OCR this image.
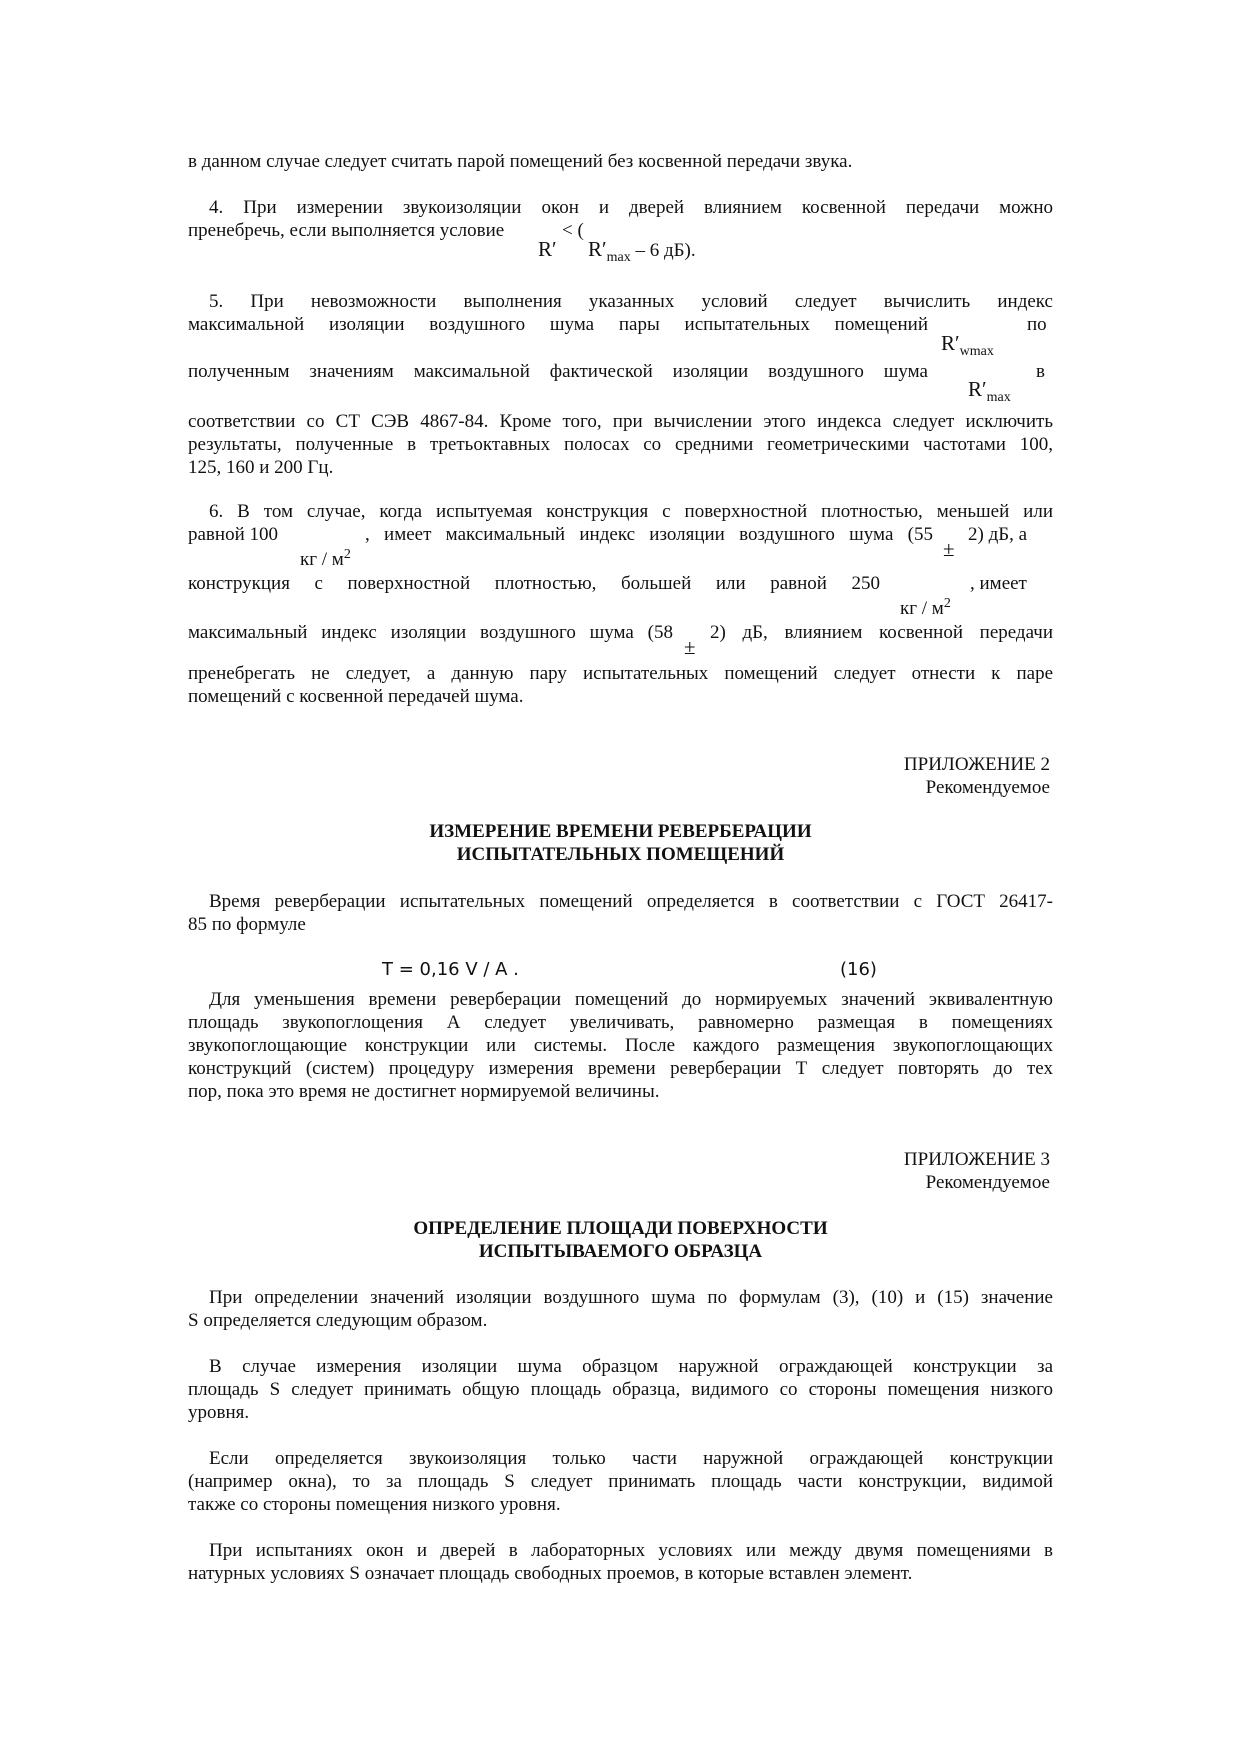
в данном случае следует считать парой помещений без косвенной передачи звука.
4. При измерении звукоизоляции окон и дверей влиянием косвенной передачи можно
пренебречь, если выполняется условие	< (
R′ $R'_{max} - 6$ дБ).
5. При невозможности выполнения указанных условий следует вычислить индекс
максимальной изоляции воздушного шума пары испытательных помещений	по
$R'_{wmax}$
полученным значениям максимальной фактической изоляции воздушного шума	в
$R'_{max}$
соответствии со СТ СЭВ 4867-84. Кроме того, при вычислении этого индекса следует исключить
результаты, полученные в третьоктавных полосах со средними геометрическими частотами 100,
125, 160 и 200 Гц.
6. В том случае, когда испытуемая конструкция с поверхностной плотностью, меньшей или
равной 100	, имеет максимальный индекс изоляции воздушного шума (55 2) дБ, а
кг / $м^2$	±
конструкция с поверхностной плотностью, большей или равной 250	, имеет
кг / $м^2$
максимальный индекс изоляции воздушного шума (58 2) дБ, влиянием косвенной передачи
±
пренебрегать не следует, а данную пару испытательных помещений следует отнести к паре
помещений с косвенной передачей шума.
ПРИЛОЖЕНИЕ 2
Рекомендуемое
ИЗМЕРЕНИЕ ВРЕМЕНИ РЕВЕРБЕРАЦИИ
ИСПЫТАТЕЛЬНЫХ ПОМЕЩЕНИЙ
Время реверберации испытательных помещений определяется в соответствии с ГОСТ 26417-
85 по формуле
T = 0,16 V / A .	(16)
Для уменьшения времени реверберации помещений до нормируемых значений эквивалентную
площадь звукопоглощения А следует увеличивать, равномерно размещая в помещениях
звукопоглощающие конструкции или системы. После каждого размещения звукопоглощающих
конструкций (систем) процедуру измерения времени реверберации Т следует повторять до тех
пор, пока это время не достигнет нормируемой величины.
ПРИЛОЖЕНИЕ 3
Рекомендуемое
ОПРЕДЕЛЕНИЕ ПЛОЩАДИ ПОВЕРХНОСТИ
ИСПЫТЫВАЕМОГО ОБРАЗЦА
При определении значений изоляции воздушного шума по формулам (3), (10) и (15) значение
S определяется следующим образом.
В случае измерения изоляции шума образцом наружной ограждающей конструкции за
площадь S следует принимать общую площадь образца, видимого со стороны помещения низкого
уровня.
Если определяется звукоизоляция только части наружной ограждающей конструкции
(например окна), то за площадь S следует принимать площадь части конструкции, видимой
также со стороны помещения низкого уровня.
При испытаниях окон и дверей в лабораторных условиях или между двумя помещениями в
натурных условиях S означает площадь свободных проемов, в которые вставлен элемент.
